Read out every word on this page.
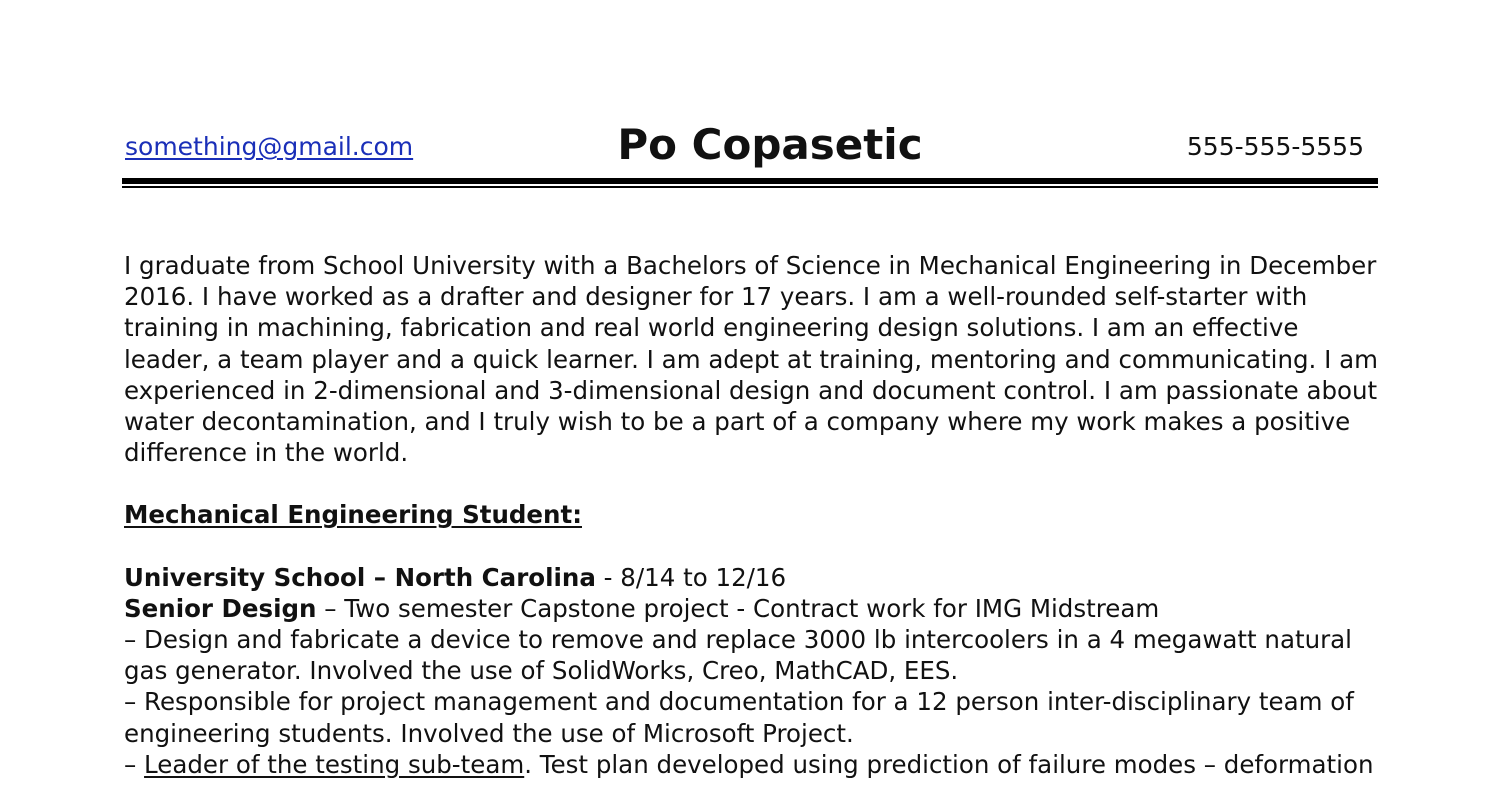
something@gmail.com	Po Copasetic	555-555-5555

I graduate from School University with a Bachelors of Science in Mechanical Engineering in December 2016. I have worked as a drafter and designer for 17 years. I am a well-rounded self-starter with training in machining, fabrication and real world engineering design solutions. I am an effective leader, a team player and a quick learner. I am adept at training, mentoring and communicating. I am experienced in 2-dimensional and 3-dimensional design and document control. I am passionate about water decontamination, and I truly wish to be a part of a company where my work makes a positive difference in the world.

Mechanical Engineering Student:

University School – North Carolina - 8/14 to 12/16

Senior Design – Two semester Capstone project - Contract work for IMG Midstream

– Design and fabricate a device to remove and replace 3000 lb intercoolers in a 4 megawatt natural gas generator. Involved the use of SolidWorks, Creo, MathCAD, EES.

– Responsible for project management and documentation for a 12 person inter-disciplinary team of engineering students. Involved the use of Microsoft Project.

– Leader of the testing sub-team. Test plan developed using prediction of failure modes – deformation
